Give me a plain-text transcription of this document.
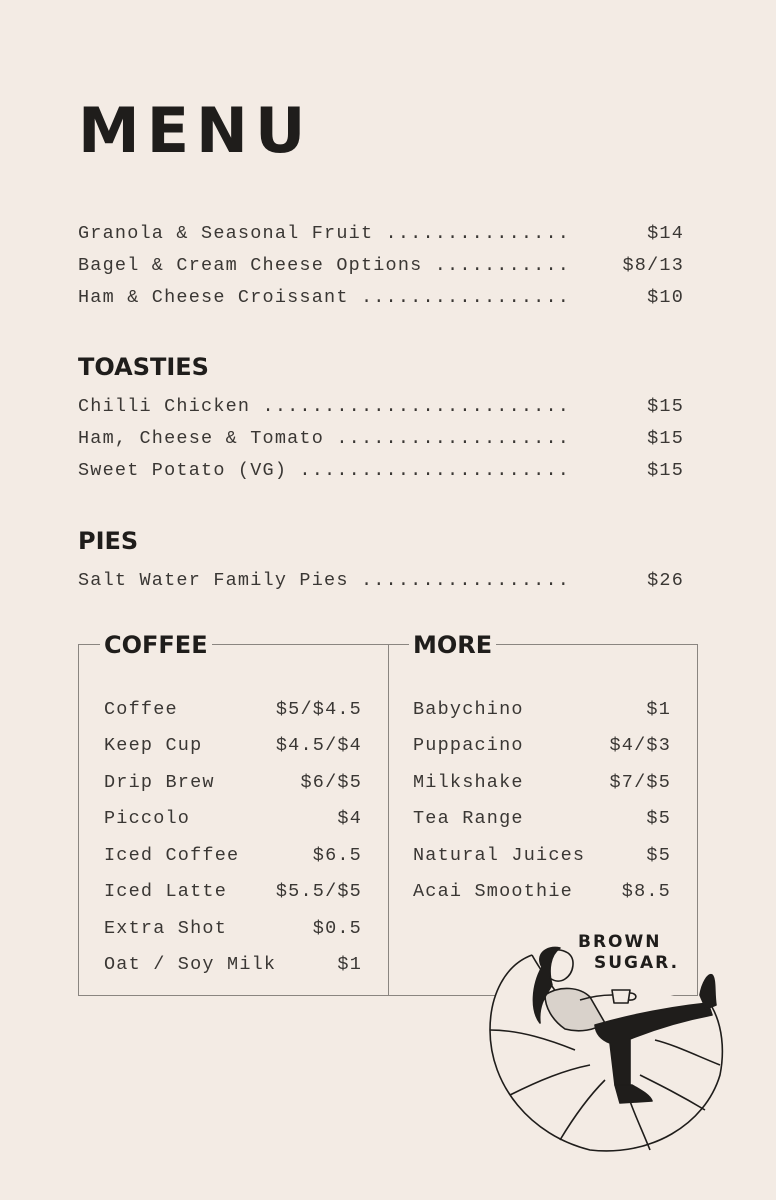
MENU
Granola & Seasonal Fruit ...............	$14
Bagel & Cream Cheese Options ...........	$8/13
Ham & Cheese Croissant .................	$10
TOASTIES
Chilli Chicken .........................	$15
Ham, Cheese & Tomato ...................	$15
Sweet Potato (VG) ......................	$15
PIES
Salt Water Family Pies .................	$26
COFFEE	MORE
Coffee	$5/$4.5
Keep Cup	$4.5/$4
Drip Brew	$6/$5
Piccolo	$4
Iced Coffee	$6.5
Iced Latte	$5.5/$5
Extra Shot	$0.5
Oat / Soy Milk	$1
Babychino	$1
Puppacino	$4/$3
Milkshake	$7/$5
Tea Range	$5
Natural Juices	$5
Acai Smoothie	$8.5
BROWN
SUGAR.
